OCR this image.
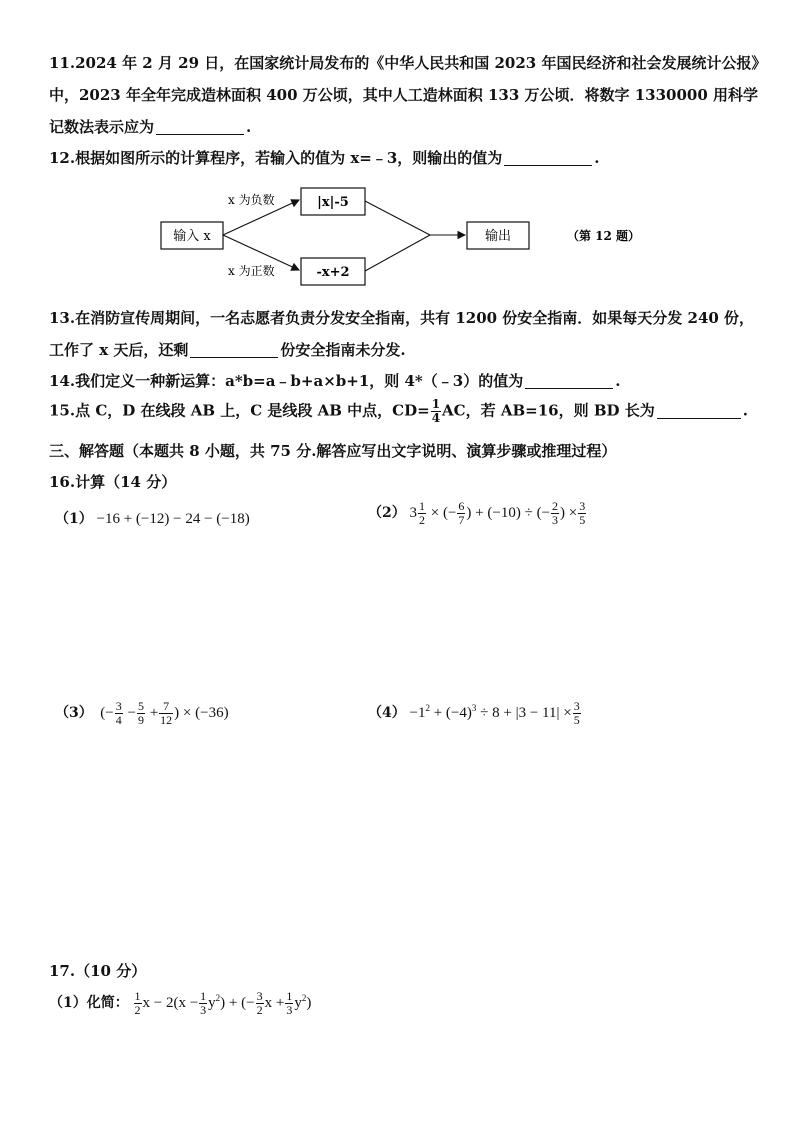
11.2024 年 2 月 29 日，在国家统计局发布的《中华人民共和国 2023 年国民经济和社会发展统计公报》
中，2023 年全年完成造林面积 400 万公顷，其中人工造林面积 133 万公顷．将数字 1330000 用科学
记数法表示应为	.
12.根据如图所示的计算程序，若输入的值为 x=﹣3，则输出的值为	.
输入 x
x 为负数
x 为正数
|x|-5
-x+2
输出	（第 12 题）
13.在消防宣传周期间，一名志愿者负责分发安全指南，共有 1200 份安全指南．如果每天分发 240 份，
工作了 x 天后，还剩	份安全指南未分发.
14.我们定义一种新运算：a*b=a﹣b+a×b+1，则 4*（﹣3）的值为	.
15.点 C，D 在线段 AB 上，C 是线段 AB 中点，$CD= \frac{1}{4}$ AC，若 AB=16，则 BD 长为	.
三、解答题（本题共 8 小题，共 75 分.解答应写出文字说明、演算步骤或推理过程）
16.计算（14 分）
（1） −16 + (−12) − 24 − (−18)	（2） $3 \frac{1}{2}$ × (− $\frac{6}{7}$ ) + (−10) ÷ (− $\frac{2}{3}$ ) × $\frac{3}{5}$
（3）  (− $\frac{3}{4} - \frac{5}{9} + \frac{7}{12}$ ) × (−36)	$(4) -1^2 + (-4)^3 \div 8 + |3 - 11| \times \frac{3}{5}$
17.（10 分）
（1）化简： $\frac{1}{2}$ $x - 2(x - \frac{1}{3} y^2)$ + (− $\frac{3}{2}$ $x + \frac{1}{3} y^2$)
